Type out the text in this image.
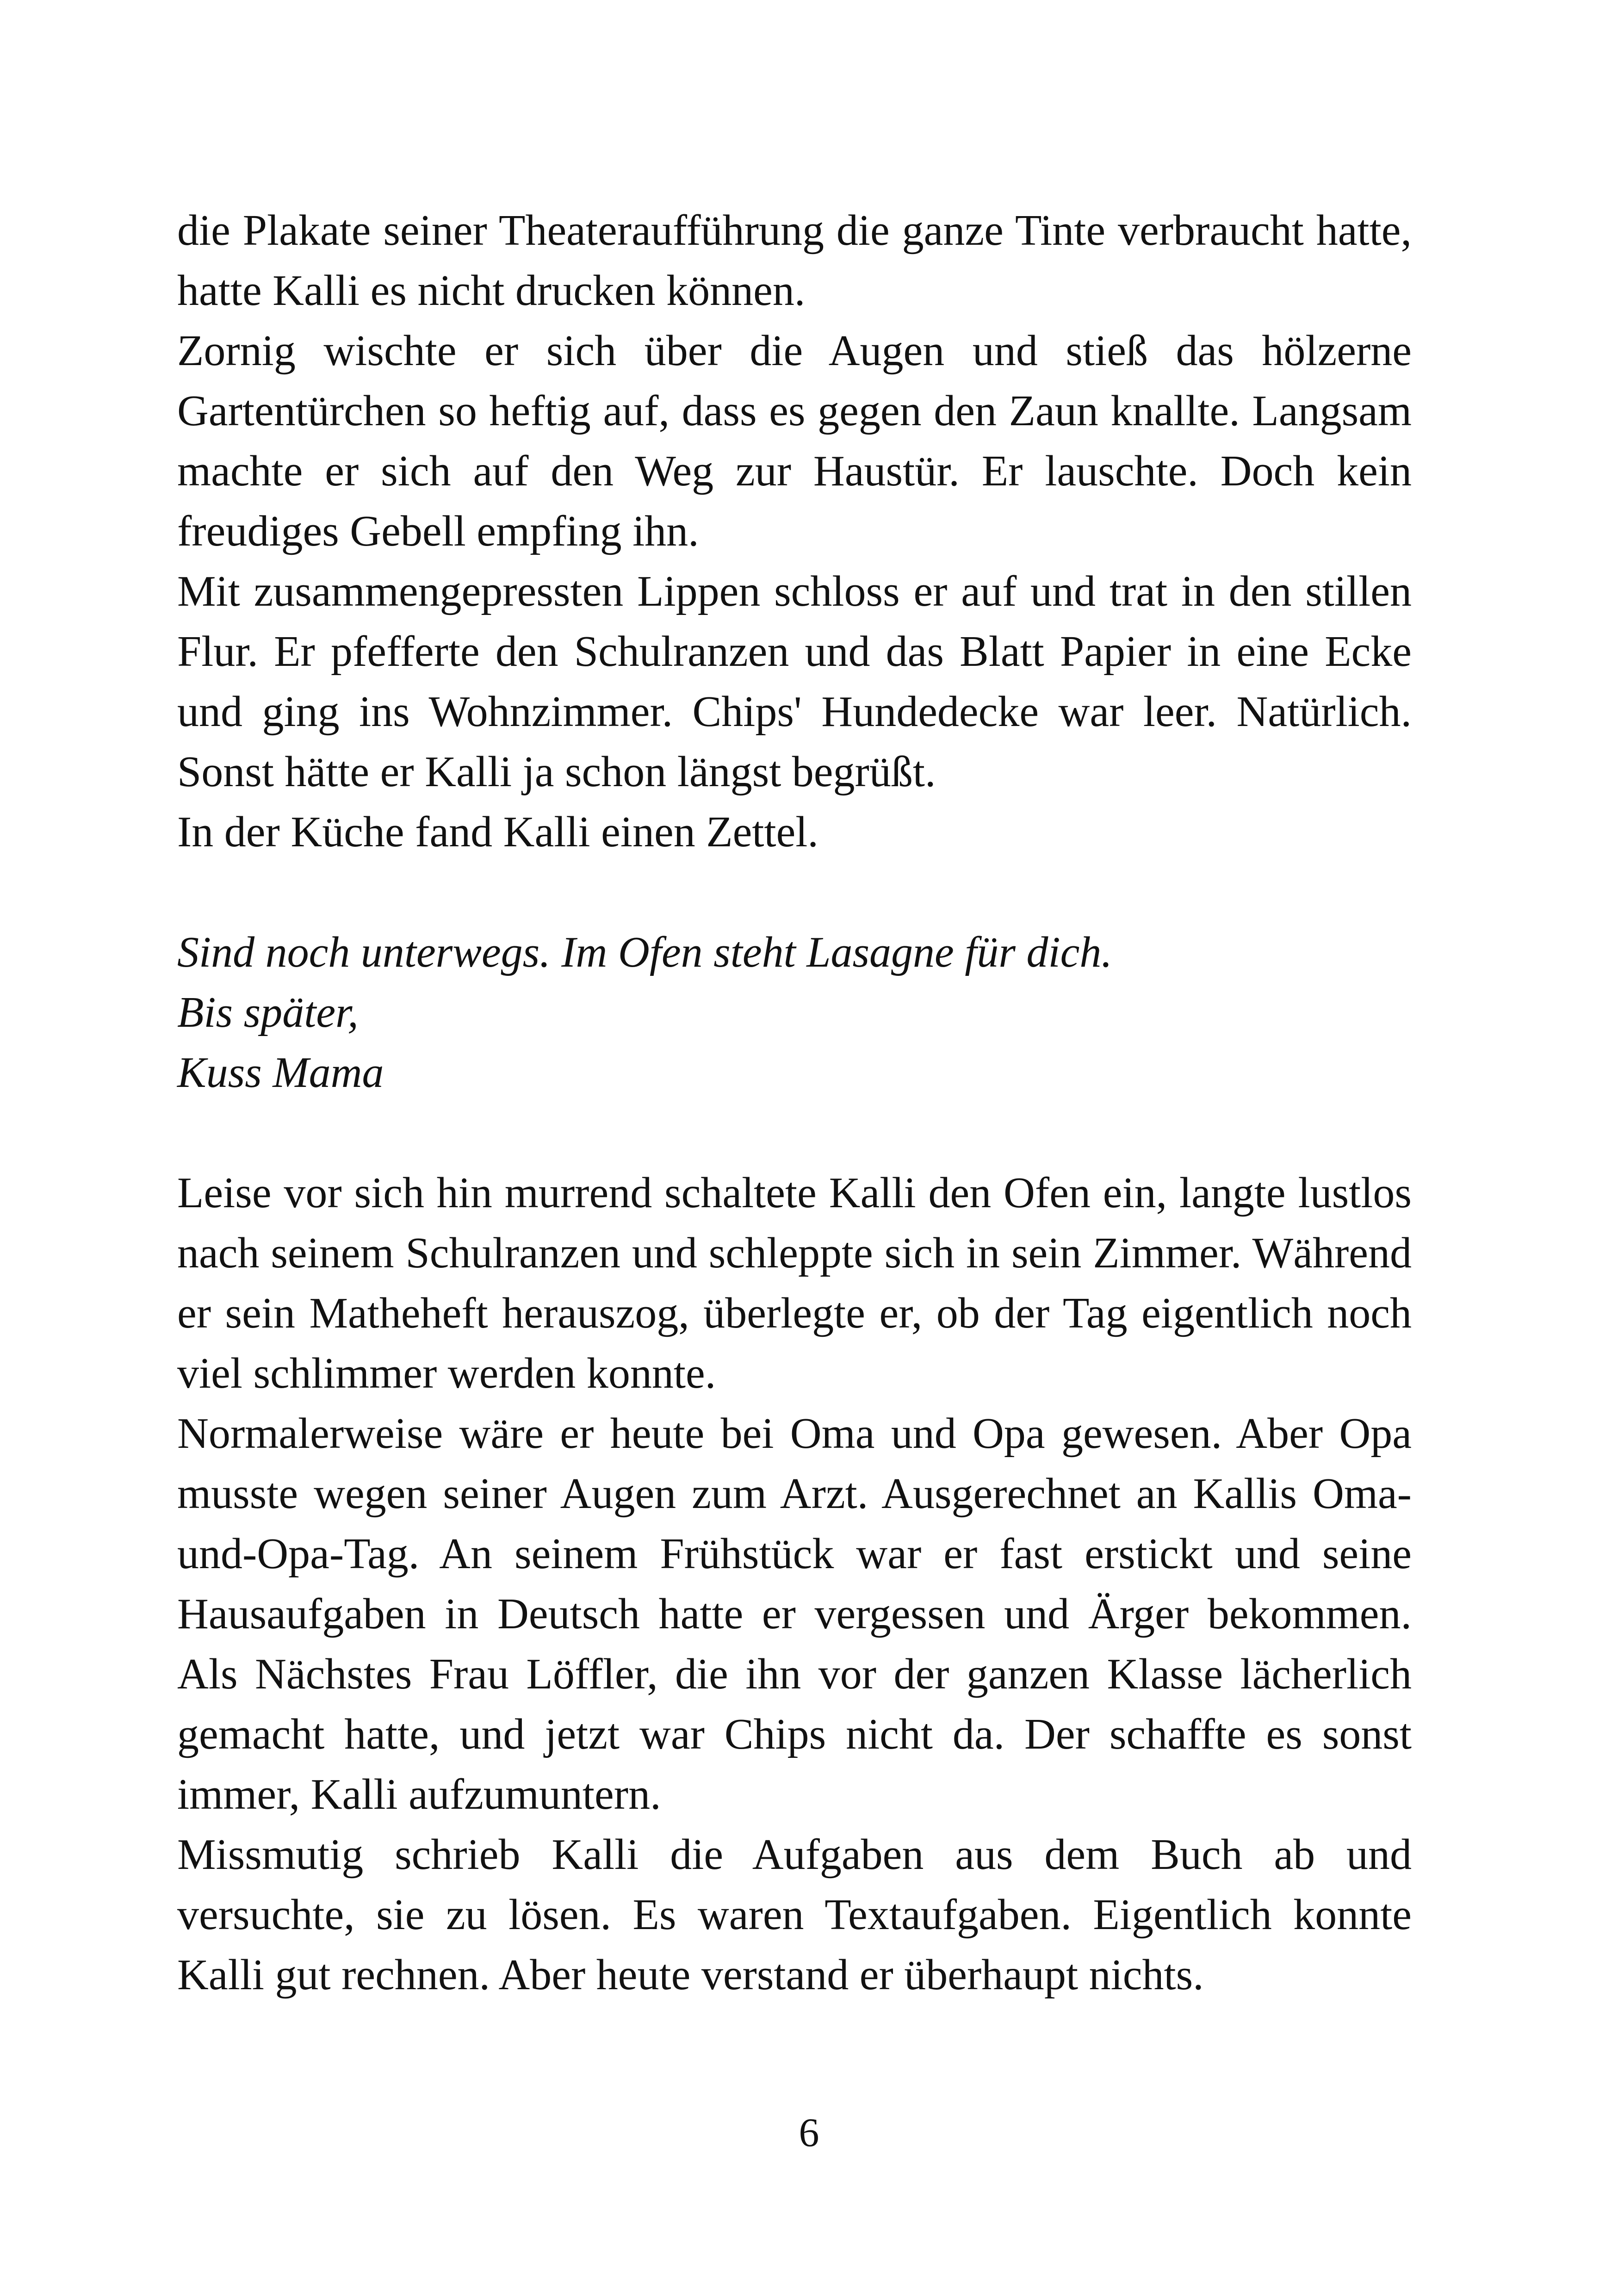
die Plakate seiner Theateraufführung die ganze Tinte verbraucht hatte, hatte Kalli es nicht drucken können.

Zornig wischte er sich über die Augen und stieß das hölzerne Gartentürchen so heftig auf, dass es gegen den Zaun knallte. Langsam machte er sich auf den Weg zur Haustür. Er lauschte. Doch kein freudiges Gebell empfing ihn.

Mit zusammengepressten Lippen schloss er auf und trat in den stillen Flur. Er pfefferte den Schulranzen und das Blatt Papier in eine Ecke und ging ins Wohnzimmer. Chips' Hundedecke war leer. Natürlich. Sonst hätte er Kalli ja schon längst begrüßt.

In der Küche fand Kalli einen Zettel.

Sind noch unterwegs. Im Ofen steht Lasagne für dich.

Bis später,

Kuss Mama

Leise vor sich hin murrend schaltete Kalli den Ofen ein, langte lustlos nach seinem Schulranzen und schleppte sich in sein Zimmer. Während er sein Matheheft herauszog, überlegte er, ob der Tag eigentlich noch viel schlimmer werden konnte.

Normalerweise wäre er heute bei Oma und Opa gewesen. Aber Opa musste wegen seiner Augen zum Arzt. Ausgerechnet an Kallis Oma-und-Opa-Tag. An seinem Frühstück war er fast erstickt und seine Hausaufgaben in Deutsch hatte er vergessen und Ärger bekommen. Als Nächstes Frau Löffler, die ihn vor der ganzen Klasse lächerlich gemacht hatte, und jetzt war Chips nicht da. Der schaffte es sonst immer, Kalli aufzumuntern.

Missmutig schrieb Kalli die Aufgaben aus dem Buch ab und versuchte, sie zu lösen. Es waren Textaufgaben. Eigentlich konnte Kalli gut rechnen. Aber heute verstand er überhaupt nichts.

6
